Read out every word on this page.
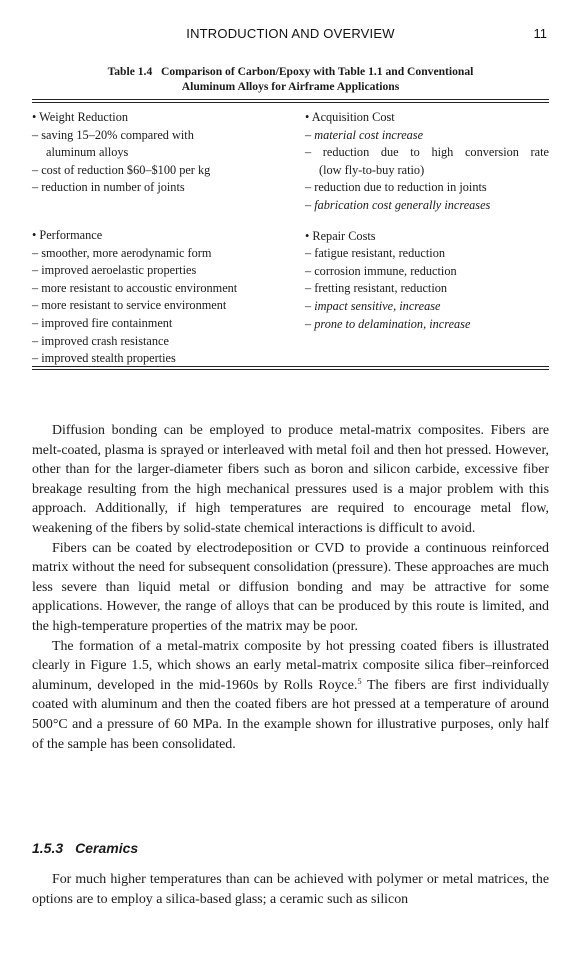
INTRODUCTION AND OVERVIEW	11
Table 1.4   Comparison of Carbon/Epoxy with Table 1.1 and Conventional
Aluminum Alloys for Airframe Applications
• Weight Reduction
– saving 15–20% compared with
aluminum alloys
– cost of reduction $60–$100 per kg
– reduction in number of joints
• Performance
– smoother, more aerodynamic form
– improved aeroelastic properties
– more resistant to accoustic environment
– more resistant to service environment
– improved fire containment
– improved crash resistance
– improved stealth properties
• Acquisition Cost
– material cost increase
– reduction due to high conversion rate
(low fly-to-buy ratio)
– reduction due to reduction in joints
– fabrication cost generally increases
• Repair Costs
– fatigue resistant, reduction
– corrosion immune, reduction
– fretting resistant, reduction
– impact sensitive, increase
– prone to delamination, increase

Diffusion bonding can be employed to produce metal-matrix composites. Fibers are melt-coated, plasma is sprayed or interleaved with metal foil and then hot pressed. However, other than for the larger-diameter fibers such as boron and silicon carbide, excessive fiber breakage resulting from the high mechanical pressures used is a major problem with this approach. Additionally, if high temperatures are required to encourage metal flow, weakening of the fibers by solid-state chemical interactions is difficult to avoid.

Fibers can be coated by electrodeposition or CVD to provide a continuous reinforced matrix without the need for subsequent consolidation (pressure). These approaches are much less severe than liquid metal or diffusion bonding and may be attractive for some applications. However, the range of alloys that can be produced by this route is limited, and the high-temperature properties of the matrix may be poor.

The formation of a metal-matrix composite by hot pressing coated fibers is illustrated clearly in Figure 1.5, which shows an early metal-matrix composite silica fiber–reinforced aluminum, developed in the mid-1960s by Rolls Royce.$^5$ The fibers are first individually coated with aluminum and then the coated fibers are hot pressed at a temperature of around 500°C and a pressure of 60 MPa. In the example shown for illustrative purposes, only half of the sample has been consolidated.

1.5.3 Ceramics

For much higher temperatures than can be achieved with polymer or metal matrices, the options are to employ a silica-based glass; a ceramic such as silicon
